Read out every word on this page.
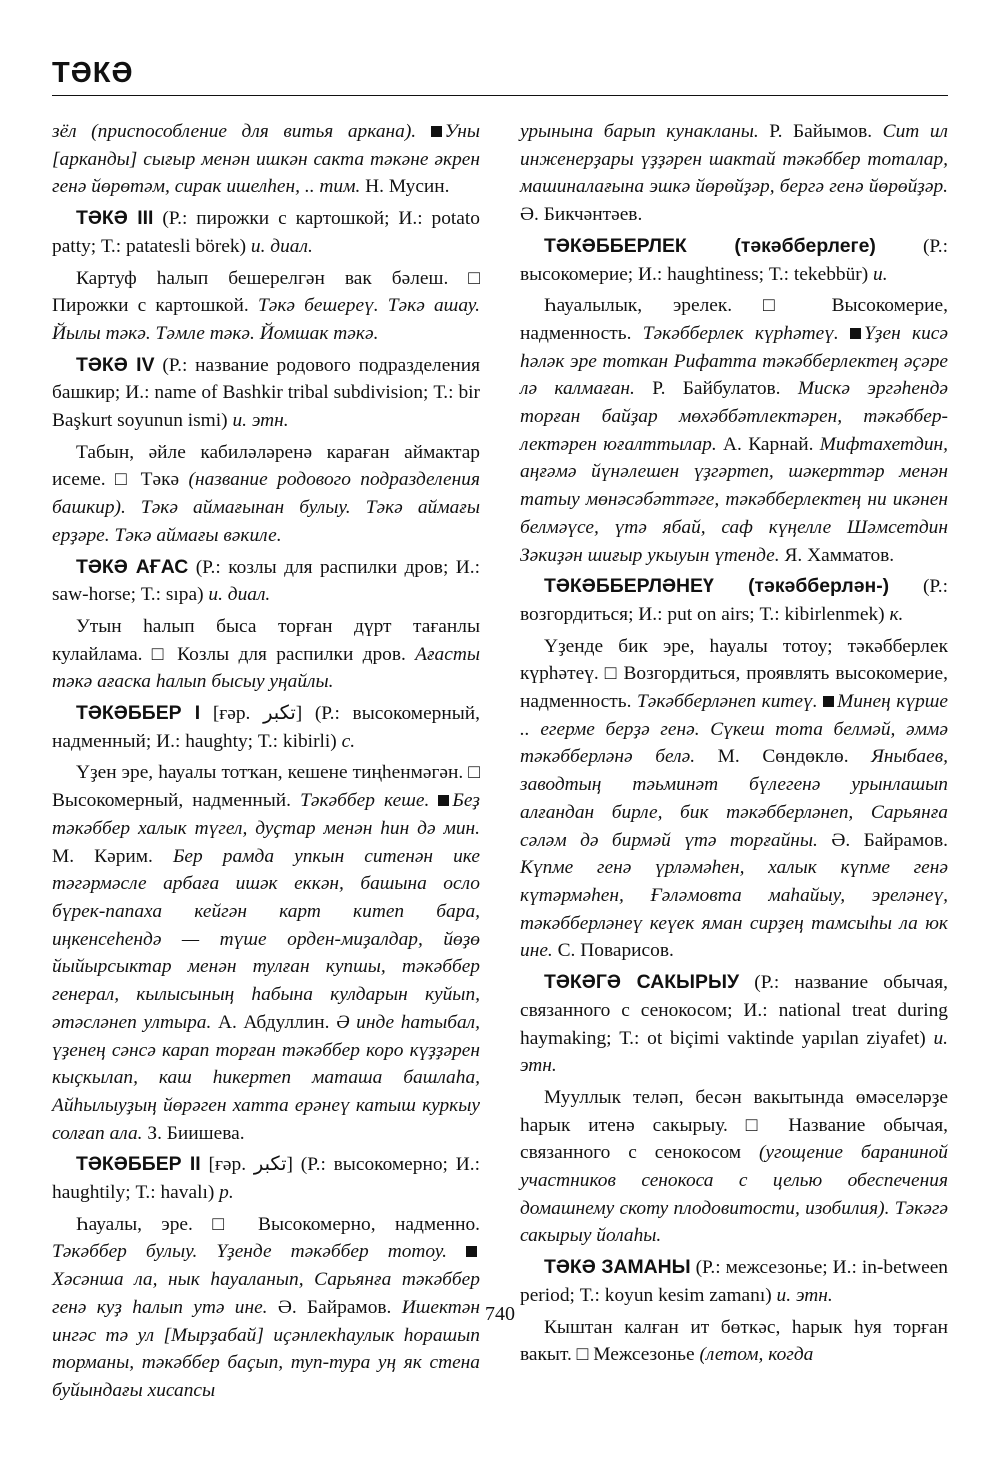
ТӘКӘ

зёл (приспособление для витья аркана). Уны [арканды] сығыр менән ишкән сакта тәкәне әкрен генә йөрөтәм, сирак ишелһен, .. тим. Н. Мусин.

ТӘКӘ III (Р.: пирожки с картошкой; И.: potato patty; Т.: patatesli börek) и. диал.

Картуф һалып бешерелгән вак бәлеш. □ Пирожки с картошкой. Тәкә бешереү. Тәкә ашау. Йылы тәкә. Тәмле тәкә. Йомшак тәкә.

ТӘКӘ IV (Р.: название родового подразделения башкир; И.: name of Bashkir tribal subdivision; Т.: bir Başkurt soyunun ismi) и. этн.

Табын, әйле кабиләләренә караған аймактар исеме. □ Тәкә (название родового подразделения башкир). Тәкә аймағынан булыу. Тәкә аймағы ерҙәре. Тәкә аймағы вәкиле.

ТӘКӘ АҒАС (Р.: козлы для распилки дров; И.: saw-horse; Т.: sıpa) и. диал.

Утын һалып быса торған дүрт тағанлы кулайлама. □ Козлы для распилки дров. Ағасты тәкә ағаска һалып бысыу уңайлы.

ТӘКӘББЕР I [ғәр. تكبر] (Р.: высокомерный, надменный; И.: haughty; Т.: kibirli) с.

Үҙен эре, һауалы тотҡан, кешене тиңһенмәгән. □ Высокомерный, надменный. Тәкәббер кеше. Беҙ тәкәббер халык түгел, дуҫтар менән һин дә мин. М. Кәрим. Бер рамда упкын ситенән ике тәгәрмәсле арбаға ишәк еккән, башына осло бүрек-папаха кейгән карт китеп бара, иңкенсеһендә — түше орден-миҙалдар, йөҙө йыйырсыктар менән тулған купшы, тәкәббер генерал, кылысының һабына кулдарын куйып, әтәсләнеп ултыра. А. Абдуллин. Ә инде һатыбал, үҙенең сәнсә карап торған тәкәббер коро күҙҙәрен кыҫкылап, каш һикертеп маташа башлаһа, Айһылыуҙың йөрәген хатта ерәнеү катыш куркыу солғап ала. З. Биишева.

ТӘКӘББЕР II [ғәр. تكبر] (Р.: высокомерно; И.: haughtily; Т.: havalı) р.

Һауалы, эре. □ Высокомерно, надменно. Тәкәббер булыу. Үҙенде тәкәббер тотоу. Хәсәнша ла, нык һауаланып, Сарьянға тәкәббер генә куҙ һалып утә ине. Ә. Байрамов. Ишектән ингәс тә ул [Мырҙабай] иҫәнлекһаулык һорашып торманы, тәкәббер баҫып, туп-тура уң як стена буйындағы хисапсы

урынына барып кунакланы. Р. Байымов. Сит ил инженерҙары үҙҙәрен шактай тәкәббер тоталар, машиналағына эшкә йөрөйҙәр, бергә генә йөрөйҙәр. Ә. Бикчәнтәев.

ТӘКӘББЕРЛЕК (тәкәбберлеге) (Р.: высокомерие; И.: haughtiness; Т.: tekebbür) и.

Һауалылык, эрелек. □ Высокомерие, надменность. Тәкәбберлек күрһәтеү. Үҙен кисә һәләк эре тоткан Рифатта тәкәбберлектең әҫәре лә калмаған. Р. Байбулатов. Мискә эргәһендә торған байҙар мөхәббәтлектәрен, тәкәбберлектәрен юғалттылар. А. Карнай. Мифтахетдин, аңғәмә йүнәлешен үҙгәртеп, шәкерттәр менән татыу мөнәсәбәттәге, тәкәбберлектең ни икәнен белмәүсе, үтә ябай, саф күңелле Шәмсетдин Зәкиҙән шиғыр укыуын үтенде. Я. Хамматов.

ТӘКӘББЕРЛӘНЕҮ (тәкәбберлән-) (Р.: возгордиться; И.: put on airs; Т.: kibirlenmek) к.

Үҙенде бик эре, һауалы тотоу; тәкәбберлек күрһәтеү. □ Возгордиться, проявлять высокомерие, надменность. Тәкәбберләнеп китеү. Минең күрше .. егерме берҙә генә. Сүкеш тота белмәй, әммә тәкәбберләнә белә. М. Сөндөклө. Яныбаев, заводтың тәьминәт бүлегенә урынлашып алғандан бирле, бик тәкәбберләнеп, Сарьянға сәләм дә бирмәй үтә торғайны. Ә. Байрамов. Күпме генә үрләмәһен, халык күпме генә күтәрмәһен, Ғәләмовта маһайыу, эреләнеү, тәкәбберләнеү кеүек яман сирҙең тамсыһы ла юк ине. С. Поварисов.

ТӘКӘГӘ САКЫРЫУ (Р.: название обычая, связанного с сенокосом; И.: national treat during haymaking; Т.: ot biçimi vaktinde yapılan ziyafet) и. этн.

Мууллык теләп, бесән вакытында өмәселәрҙе һарык итенә сакырыу. □ Название обычая, связанного с сенокосом (угощение бараниной участников сенокоса с целью обеспечения домашнему скоту плодовитости, изобилия). Тәкәгә сакырыу йолаһы.

ТӘКӘ ЗАМАНЫ (Р.: межсезонье; И.: in-between period; Т.: koyun kesim zamanı) и. этн.

Кыштан калған ит бөткәс, һарык һуя торған вакыт. □ Межсезонье (летом, когда

740
